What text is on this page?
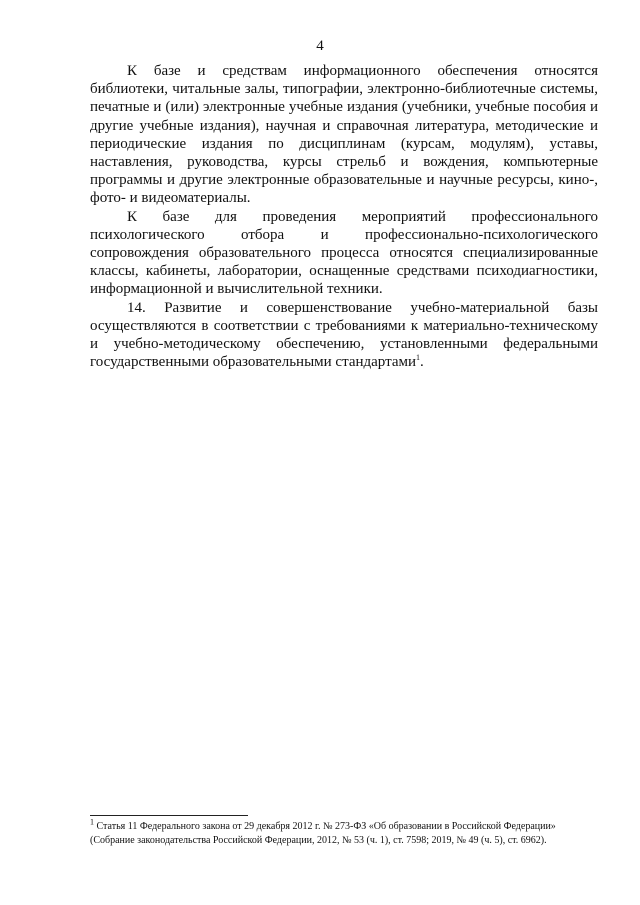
4

К базе и средствам информационного обеспечения относятся библиотеки, читальные залы, типографии, электронно-библиотечные системы, печатные и (или) электронные учебные издания (учебники, учебные пособия и другие учебные издания), научная и справочная литература, методические и периодические издания по дисциплинам (курсам, модулям), уставы, наставления, руководства, курсы стрельб и вождения, компьютерные программы и другие электронные образовательные и научные ресурсы, кино-, фото- и видеоматериалы.

К базе для проведения мероприятий профессионального психологического отбора и профессионально-психологического сопровождения образовательного процесса относятся специализированные классы, кабинеты, лаборатории, оснащенные средствами психодиагностики, информационной и вычислительной техники.

14. Развитие и совершенствование учебно-материальной базы осуществляются в соответствии с требованиями к материально-техническому и учебно-методическому обеспечению, установленными федеральными государственными образовательными стандартами$^1$.

$^1$ Статья 11 Федерального закона от 29 декабря 2012 г. № 273-ФЗ «Об образовании в Российской Федерации»

(Собрание законодательства Российской Федерации, 2012, № 53 (ч. 1), ст. 7598; 2019, № 49 (ч. 5), ст. 6962).
